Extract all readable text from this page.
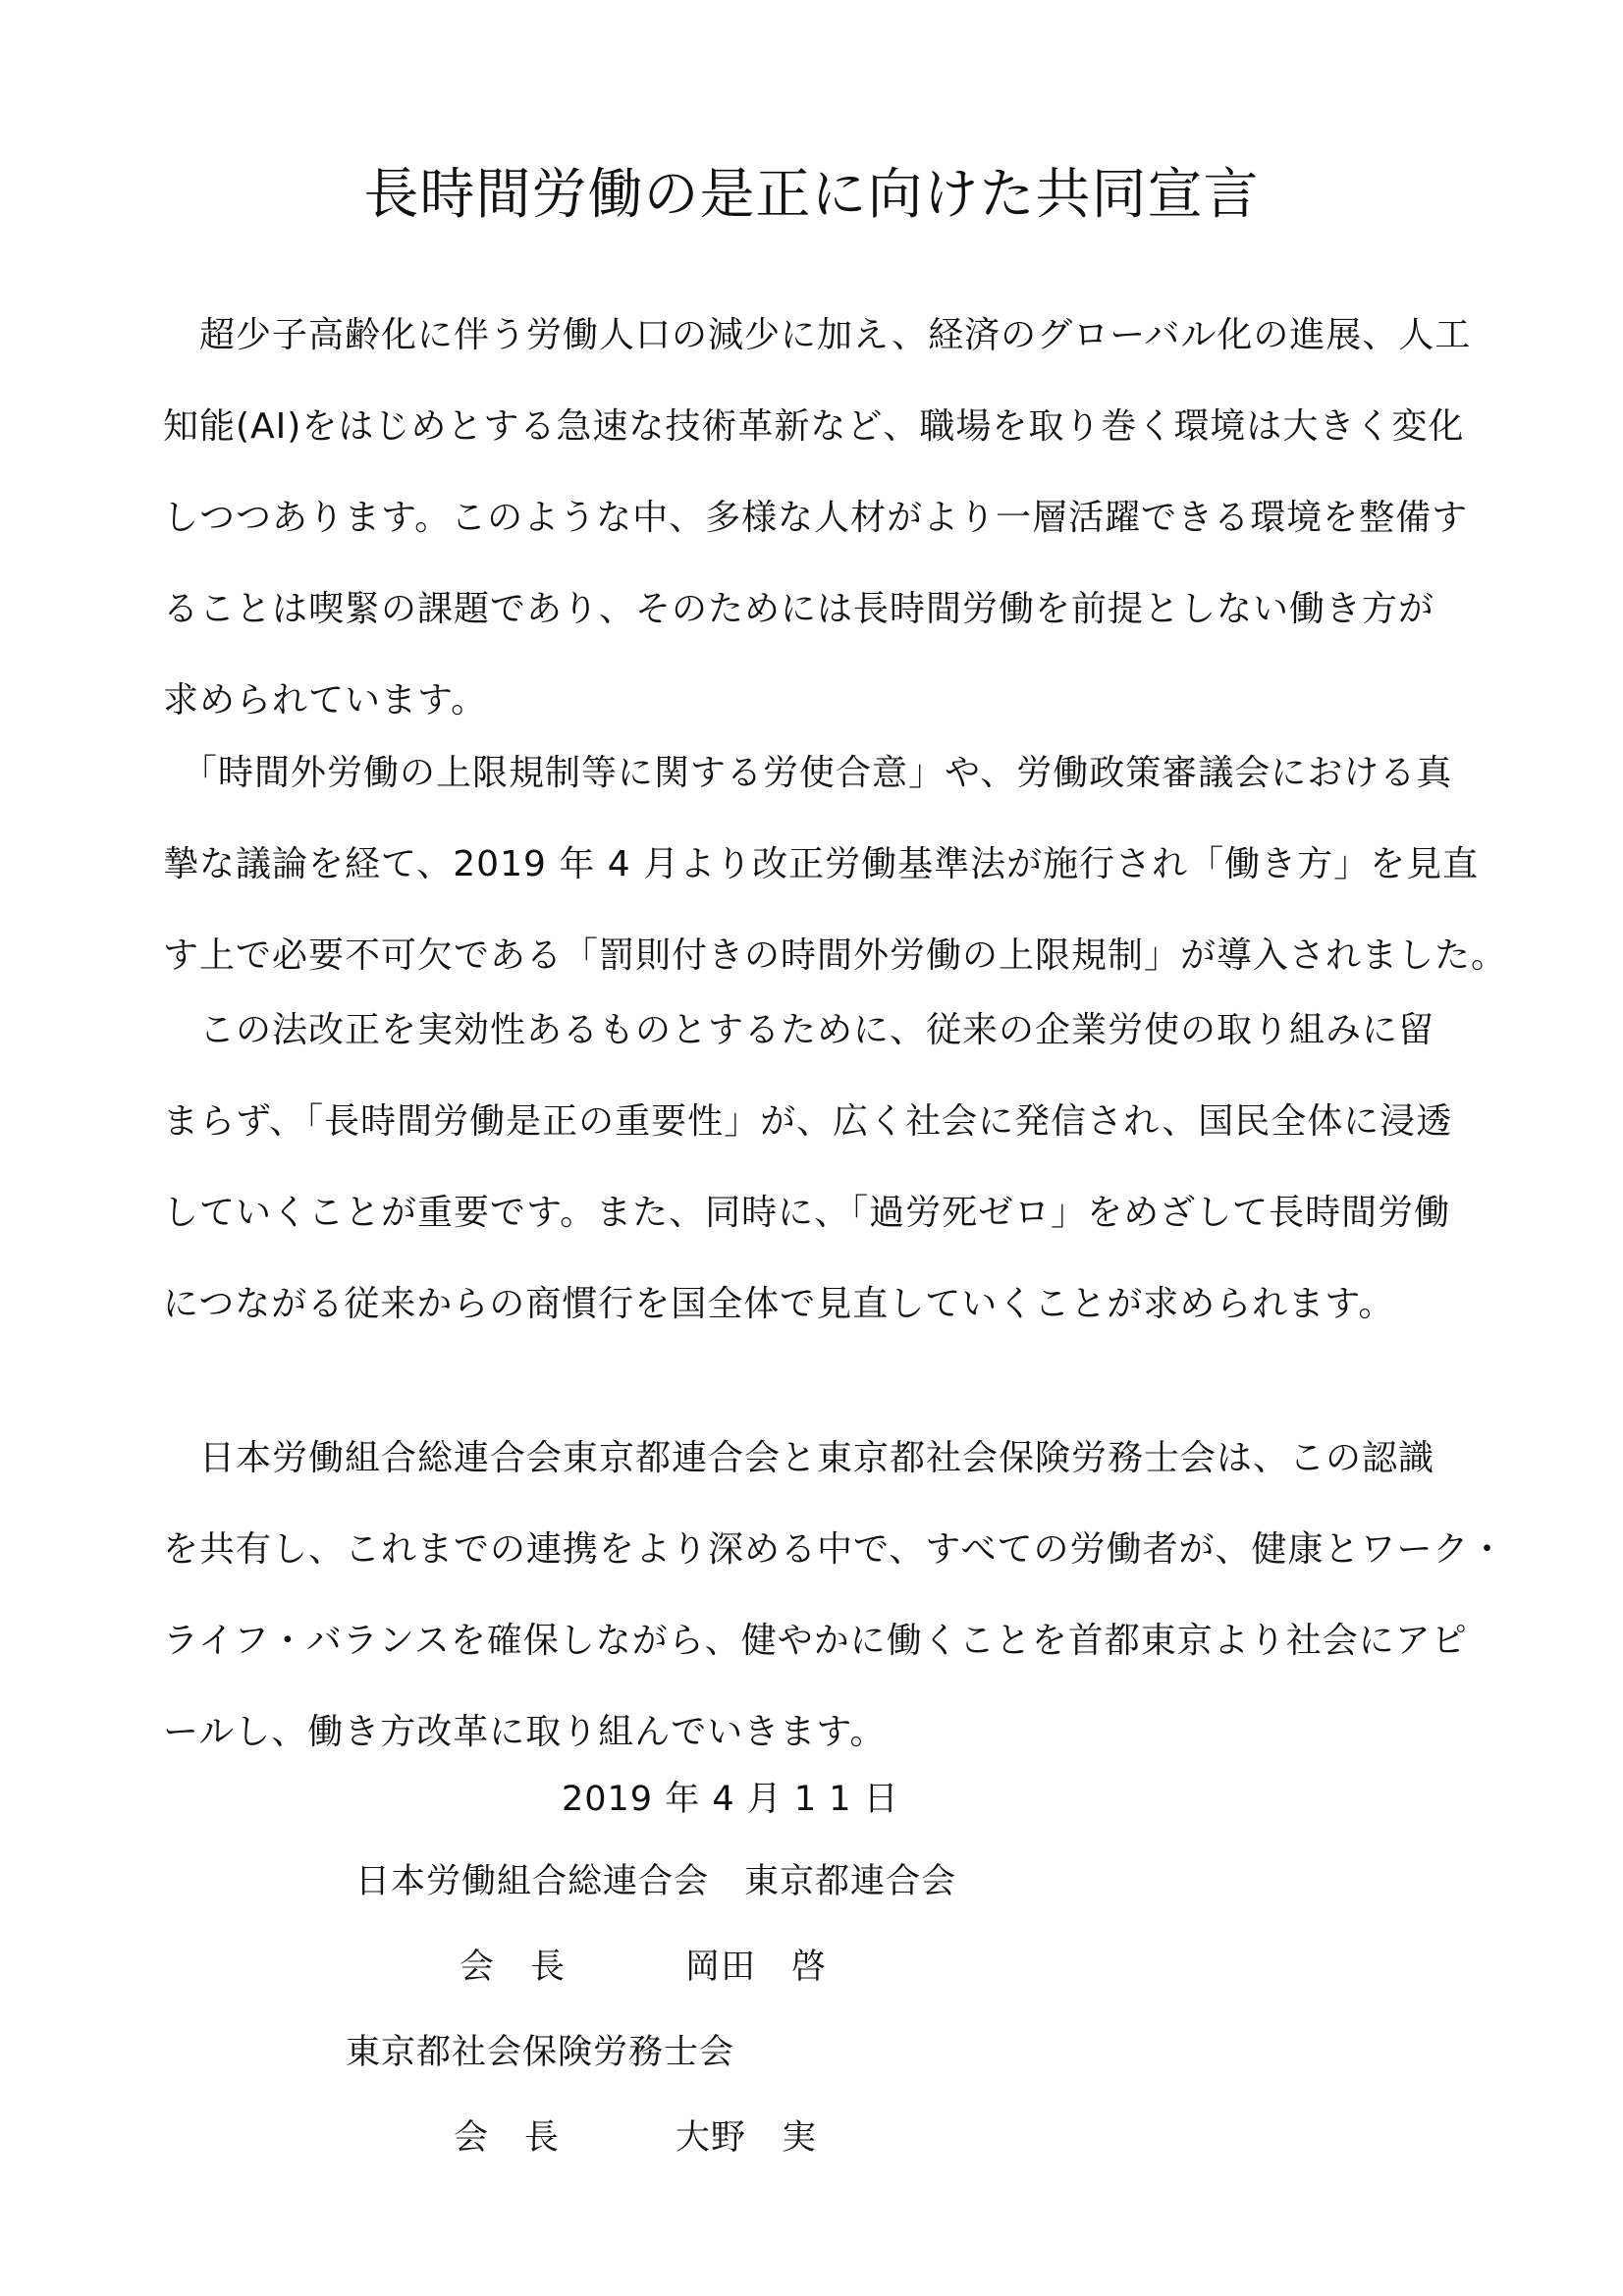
長時間労働の是正に向けた共同宣言
　超少子高齢化に伴う労働人口の減少に加え、経済のグローバル化の進展、人工
知能(AI)をはじめとする急速な技術革新など、職場を取り巻く環境は大きく変化
しつつあります。このような中、多様な人材がより一層活躍できる環境を整備す
ることは喫緊の課題であり、そのためには長時間労働を前提としない働き方が
求められています。
　「時間外労働の上限規制等に関する労使合意」や、労働政策審議会における真
摯な議論を経て、2019 年 4 月より改正労働基準法が施行され「働き方」を見直
す上で必要不可欠である「罰則付きの時間外労働の上限規制」が導入されました。
　この法改正を実効性あるものとするために、従来の企業労使の取り組みに留
まらず、「長時間労働是正の重要性」が、広く社会に発信され、国民全体に浸透
していくことが重要です。また、同時に、「過労死ゼロ」をめざして長時間労働
につながる従来からの商慣行を国全体で見直していくことが求められます。
　日本労働組合総連合会東京都連合会と東京都社会保険労務士会は、この認識
を共有し、これまでの連携をより深める中で、すべての労働者が、健康とワーク・
ライフ・バランスを確保しながら、健やかに働くことを首都東京より社会にアピ
ールし、働き方改革に取り組んでいきます。
2019 年 4 月 1 1 日
日本労働組合総連合会　東京都連合会
会　長	岡田　啓
東京都社会保険労務士会
会　長	大野　実
